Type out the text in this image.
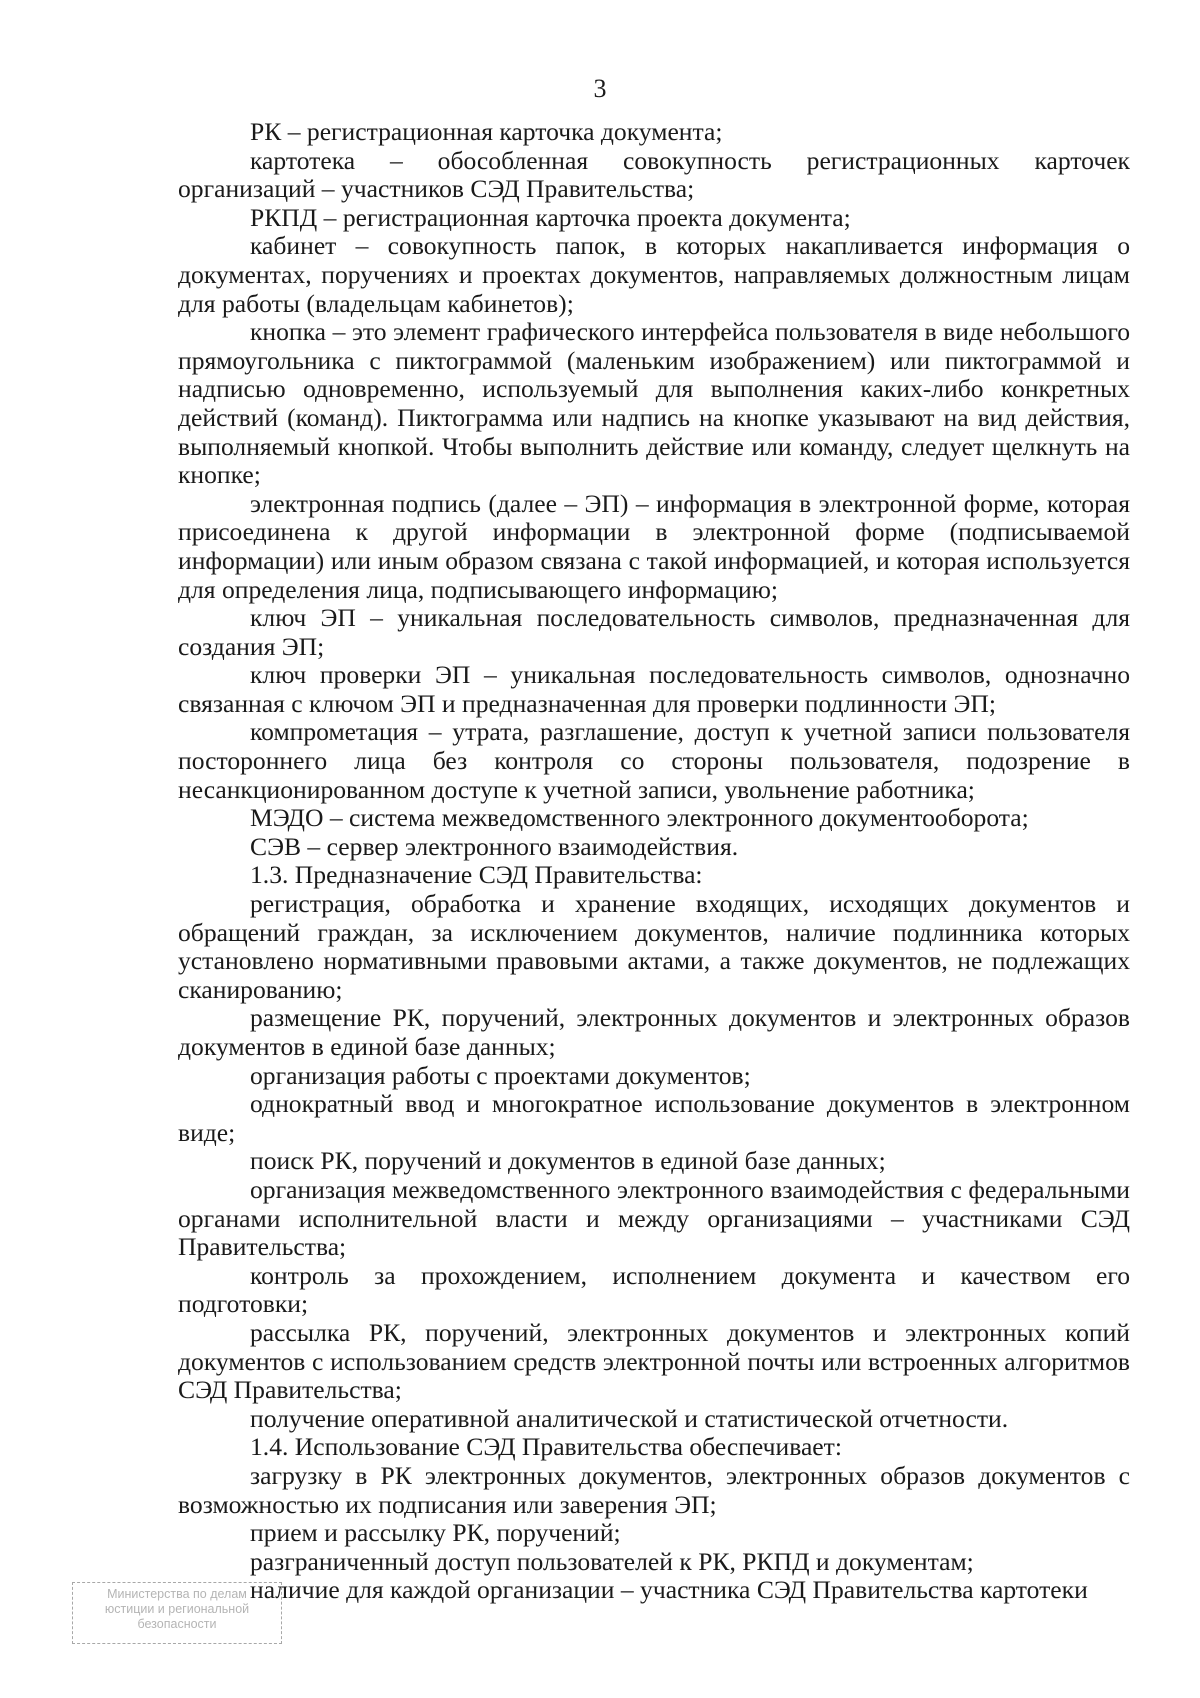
3

РК – регистрационная карточка документа;

картотека – обособленная совокупность регистрационных карточек организаций – участников СЭД Правительства;

РКПД – регистрационная карточка проекта документа;

кабинет – совокупность папок, в которых накапливается информация о документах, поручениях и проектах документов, направляемых должностным лицам для работы (владельцам кабинетов);

кнопка – это элемент графического интерфейса пользователя в виде небольшого прямоугольника с пиктограммой (маленьким изображением) или пиктограммой и надписью одновременно, используемый для выполнения каких-либо конкретных действий (команд). Пиктограмма или надпись на кнопке указывают на вид действия, выполняемый кнопкой. Чтобы выполнить действие или команду, следует щелкнуть на кнопке;

электронная подпись (далее – ЭП) – информация в электронной форме, которая присоединена к другой информации в электронной форме (подписываемой информации) или иным образом связана с такой информацией, и которая используется для определения лица, подписывающего информацию;

ключ ЭП – уникальная последовательность символов, предназначенная для создания ЭП;

ключ проверки ЭП – уникальная последовательность символов, однозначно связанная с ключом ЭП и предназначенная для проверки подлинности ЭП;

компрометация – утрата, разглашение, доступ к учетной записи пользователя постороннего лица без контроля со стороны пользователя, подозрение в несанкционированном доступе к учетной записи, увольнение работника;

МЭДО – система межведомственного электронного документооборота;

СЭВ – сервер электронного взаимодействия.

1.3. Предназначение СЭД Правительства:

регистрация, обработка и хранение входящих, исходящих документов и обращений граждан, за исключением документов, наличие подлинника которых установлено нормативными правовыми актами, а также документов, не подлежащих сканированию;

размещение РК, поручений, электронных документов и электронных образов документов в единой базе данных;

организация работы с проектами документов;

однократный ввод и многократное использование документов в электронном виде;

поиск РК, поручений и документов в единой базе данных;

организация межведомственного электронного взаимодействия с федеральными органами исполнительной власти и между организациями – участниками СЭД Правительства;

контроль за прохождением, исполнением документа и качеством его подготовки;

рассылка РК, поручений, электронных документов и электронных копий документов с использованием средств электронной почты или встроенных алгоритмов СЭД Правительства;

получение оперативной аналитической и статистической отчетности.

1.4. Использование СЭД Правительства обеспечивает:

загрузку в РК электронных документов, электронных образов документов с возможностью их подписания или заверения ЭП;

прием и рассылку РК, поручений;

разграниченный доступ пользователей к РК, РКПД и документам;

наличие для каждой организации – участника СЭД Правительства картотеки

Министерства по делам
юстиции и региональной
безопасности
